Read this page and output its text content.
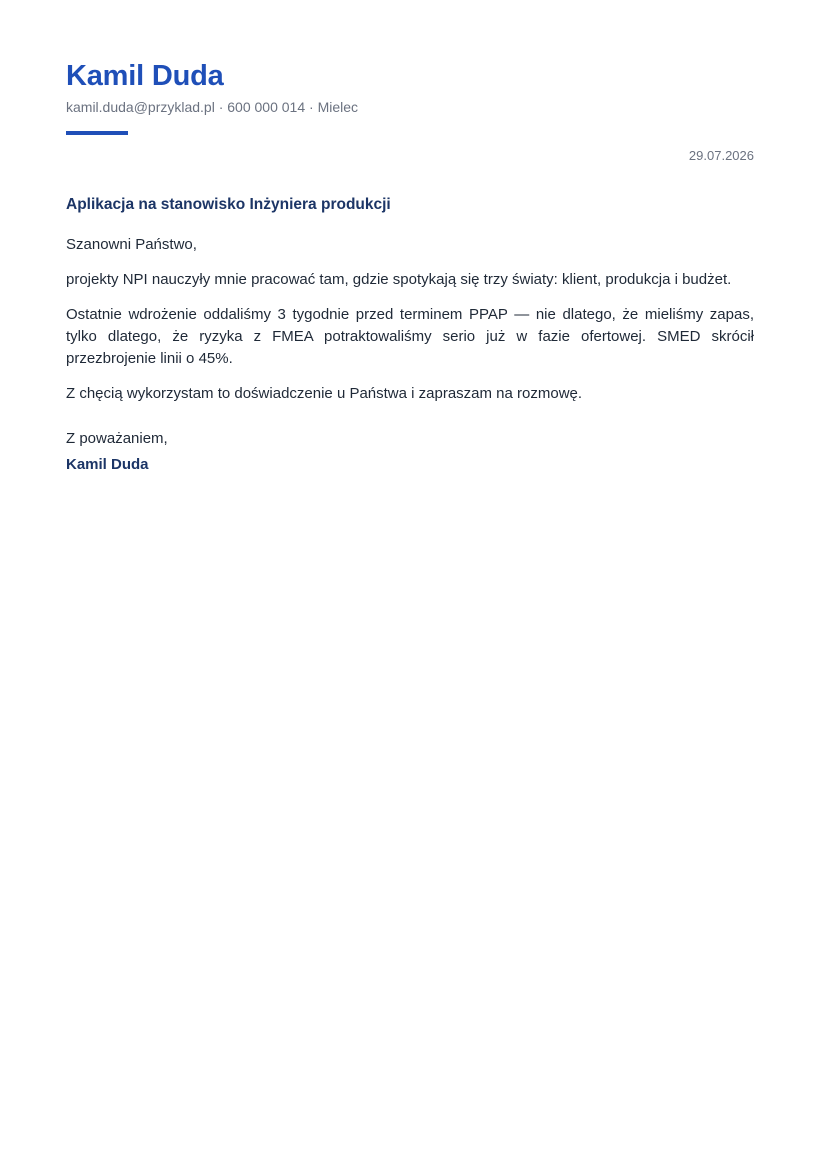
Kamil Duda
kamil.duda@przyklad.pl · 600 000 014 · Mielec
29.07.2026
Aplikacja na stanowisko Inżyniera produkcji

Szanowni Państwo,

projekty NPI nauczyły mnie pracować tam, gdzie spotykają się trzy światy: klient, produkcja i budżet.

Ostatnie wdrożenie oddaliśmy 3 tygodnie przed terminem PPAP — nie dlatego, że mieliśmy zapas, tylko dlatego, że ryzyka z FMEA potraktowaliśmy serio już w fazie ofertowej. SMED skrócił przezbrojenie linii o 45%.

Z chęcią wykorzystam to doświadczenie u Państwa i zapraszam na rozmowę.

Z poważaniem,
Kamil Duda
